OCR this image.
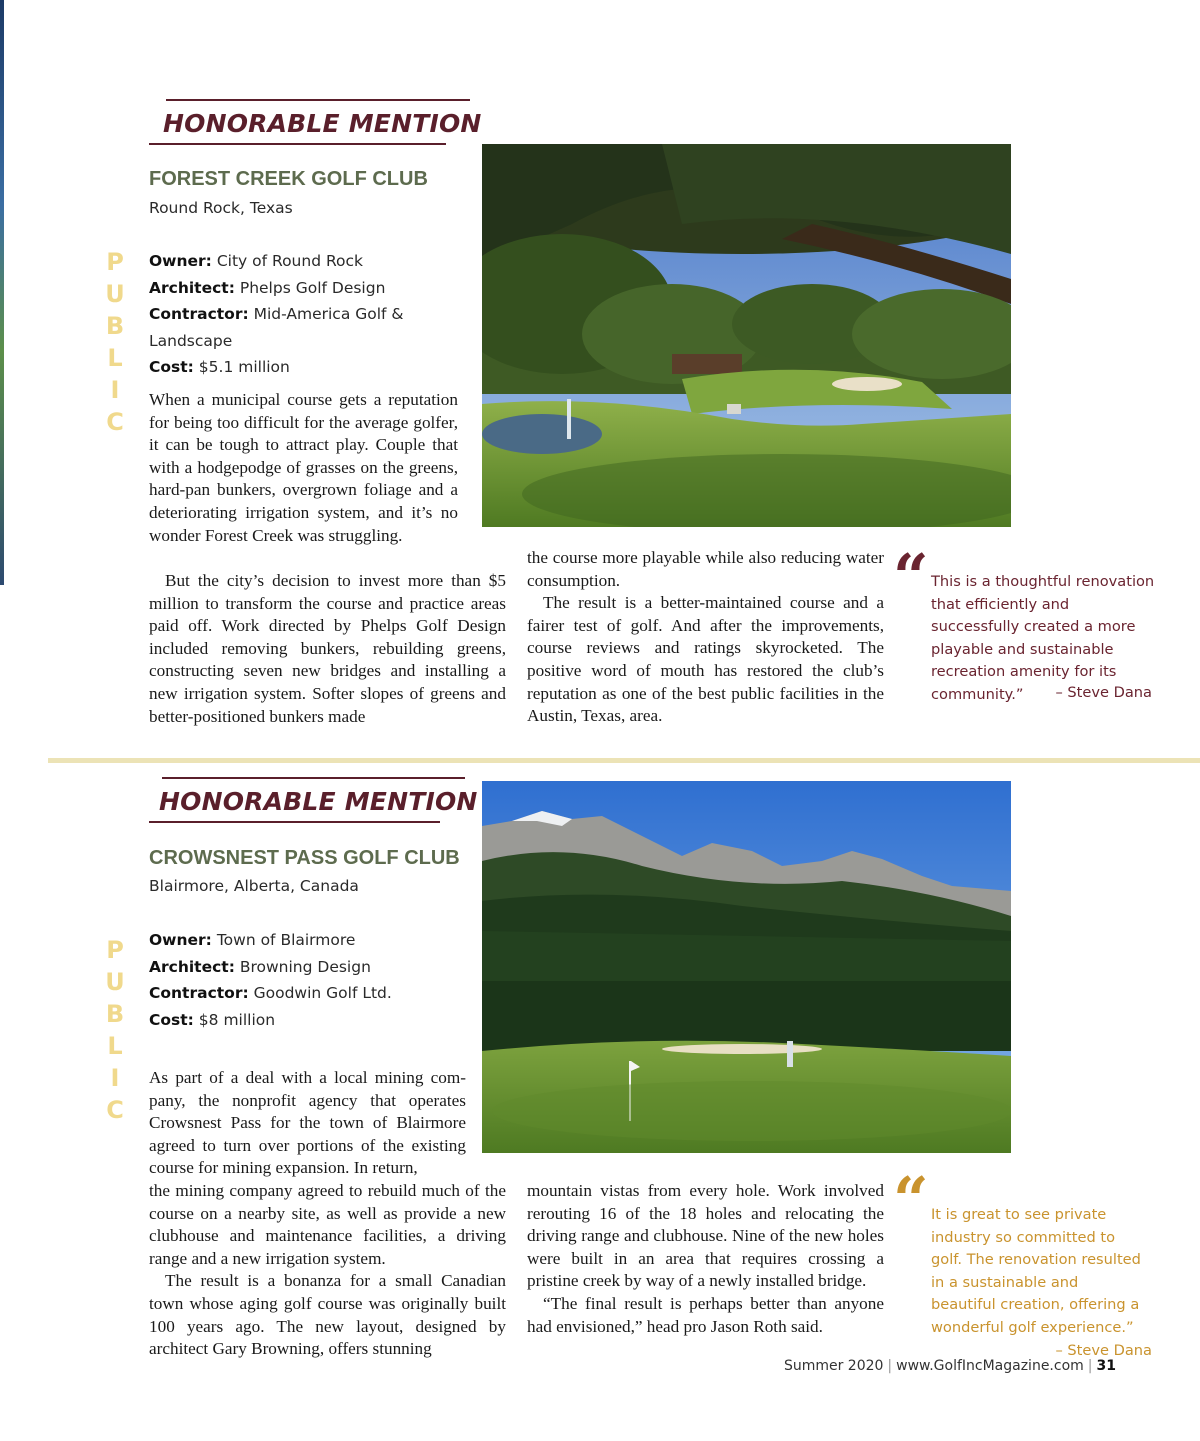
HONORABLE MENTION
FOREST CREEK GOLF CLUB
Round Rock, Texas
P
U
B
L
I
C
Owner: City of Round Rock
Architect: Phelps Golf Design
Contractor: Mid-America Golf & Landscape
Cost: $5.1 million

When a municipal course gets a reputation for being too difficult for the average golfer, it can be tough to attract play. Couple that with a hodgepodge of grasses on the greens, hard-pan bunkers, overgrown foliage and a deteriorating irrigation system, and it’s no wonder Forest Creek was struggling.

But the city’s decision to invest more than $5 million to transform the course and practice areas paid off. Work directed by Phelps Golf Design included removing bunkers, rebuilding greens, constructing seven new bridges and installing a new irrigation system. Softer slopes of greens and better-positioned bunkers made

the course more playable while also reducing water consumption.

The result is a better-maintained course and a fairer test of golf. And after the improvements, course reviews and ratings skyrocketed. The positive word of mouth has restored the club’s reputation as one of the best public facilities in the Austin, Texas, area.

“ This is a thoughtful renovation that efficiently and successfully created a more playable and sustainable recreation amenity for its community.”	– Steve Dana
HONORABLE MENTION
CROWSNEST PASS GOLF CLUB
Blairmore, Alberta, Canada
P
U
B
L
I
C
Owner: Town of Blairmore
Architect: Browning Design
Contractor: Goodwin Golf Ltd.
Cost: $8 million

As part of a deal with a local mining company, the nonprofit agency that operates Crowsnest Pass for the town of Blairmore agreed to turn over portions of the existing course for mining expansion. In return,

the mining company agreed to rebuild much of the course on a nearby site, as well as provide a new clubhouse and maintenance facilities, a driving range and a new irrigation system.

The result is a bonanza for a small Canadian town whose aging golf course was originally built 100 years ago. The new layout, designed by architect Gary Browning, offers stunning

mountain vistas from every hole. Work involved rerouting 16 of the 18 holes and relocating the driving range and clubhouse. Nine of the new holes were built in an area that requires crossing a pristine creek by way of a newly installed bridge.

“The final result is perhaps better than anyone had envisioned,” head pro Jason Roth said.

“ It is great to see private industry so committed to golf. The renovation resulted in a sustainable and beautiful creation, offering a wonderful golf experience.”
– Steve Dana
Summer 2020 | www.GolfIncMagazine.com | 31
